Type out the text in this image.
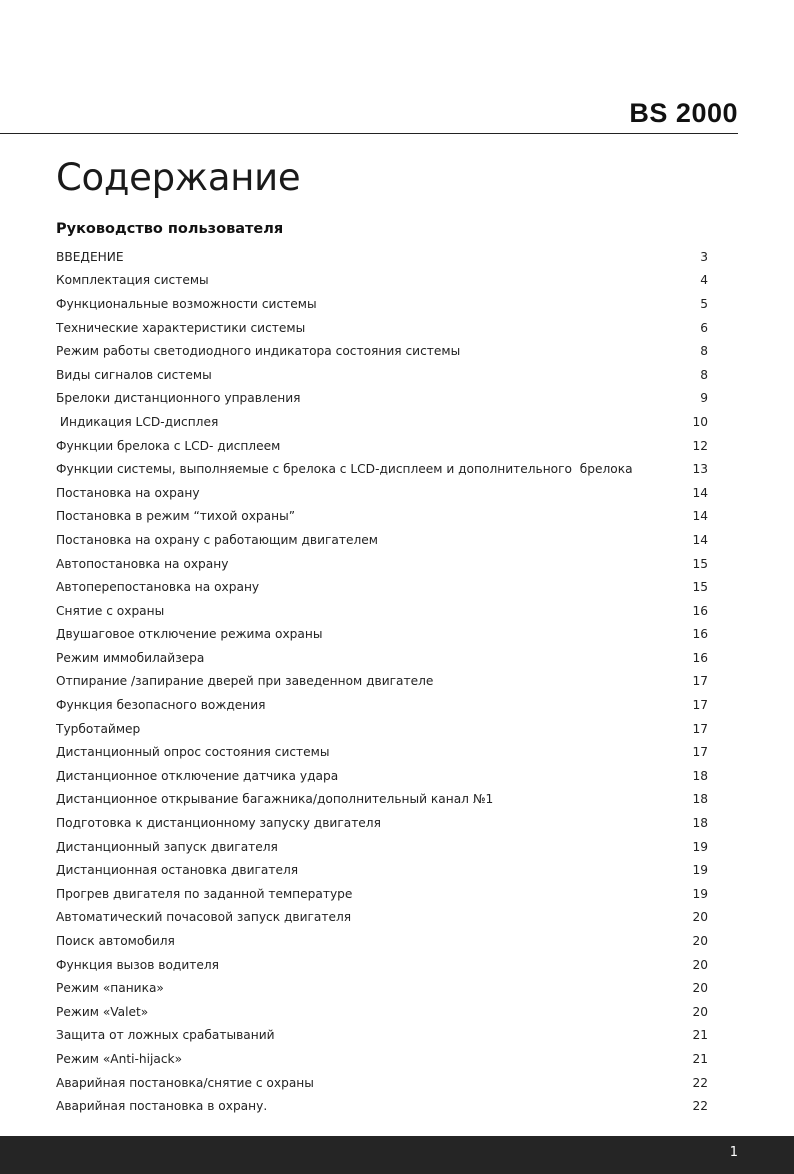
BS 2000
Содержание
Руководство пользователя
ВВЕДЕНИЕ	3
Комплектация системы	4
Функциональные возможности системы	5
Технические характеристики системы	6
Режим работы светодиодного индикатора состояния системы	8
Виды сигналов системы	8
Брелоки дистанционного управления	9
Индикация LCD-дисплея	10
Функции брелока с LCD- дисплеем	12
Функции системы, выполняемые с брелока с LCD-дисплеем и дополнительного  брелока	13
Постановка на охрану	14
Постановка в режим “тихой охраны”	14
Постановка на охрану с работающим двигателем	14
Автопостановка на охрану	15
Автоперепостановка на охрану	15
Снятие с охраны	16
Двушаговое отключение режима охраны	16
Режим иммобилайзера	16
Отпирание /запирание дверей при заведенном двигателе	17
Функция безопасного вождения	17
Турботаймер	17
Дистанционный опрос состояния системы	17
Дистанционное отключение датчика удара	18
Дистанционное открывание багажника/дополнительный канал №1	18
Подготовка к дистанционному запуску двигателя	18
Дистанционный запуск двигателя	19
Дистанционная остановка двигателя	19
Прогрев двигателя по заданной температуре	19
Автоматический почасовой запуск двигателя	20
Поиск автомобиля	20
Функция вызов водителя	20
Режим «паника»	20
Режим «Valet»	20
Защита от ложных срабатываний	21
Режим «Anti-hijack»	21
Аварийная постановка/снятие с охраны	22
Аварийная постановка в охрану.	22
1
